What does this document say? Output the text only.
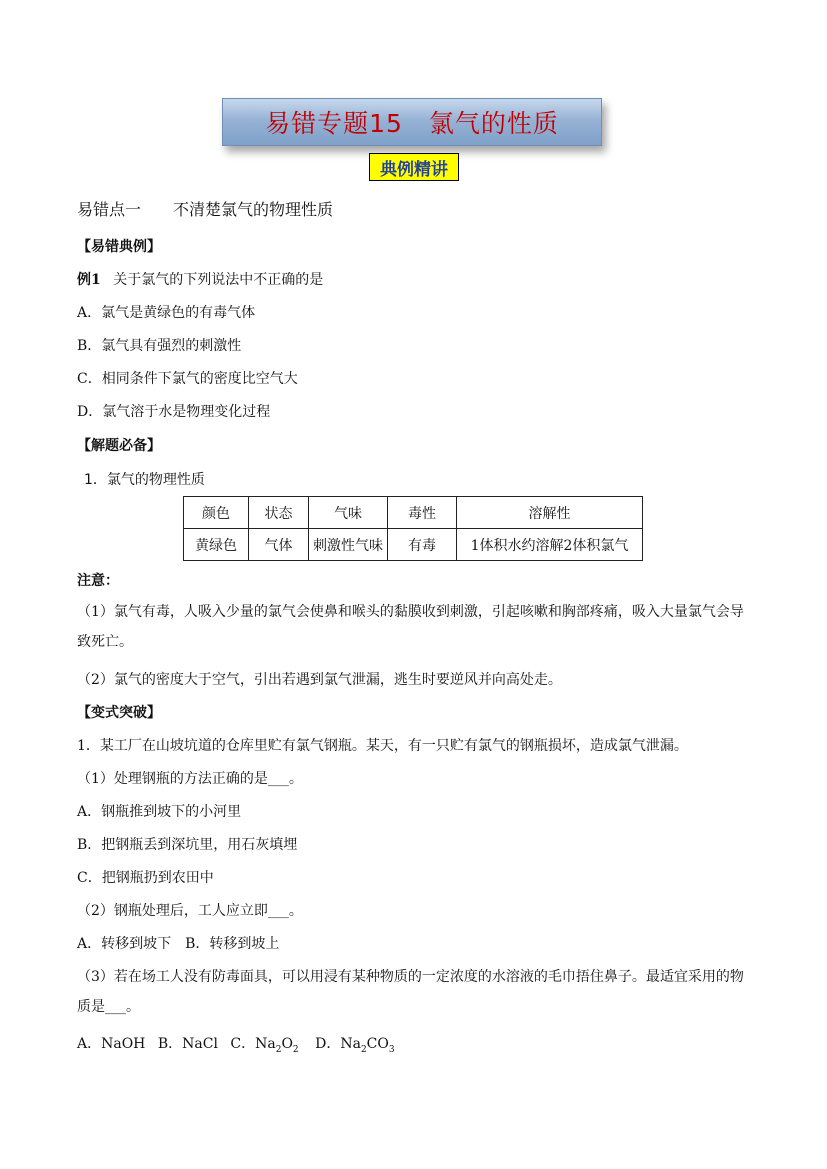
易错专题15　氯气的性质
典例精讲
易错点一　　不清楚氯气的物理性质
【易错典例】
例1 关于氯气的下列说法中不正确的是
A．氯气是黄绿色的有毒气体
B．氯气具有强烈的刺激性
C．相同条件下氯气的密度比空气大
D．氯气溶于水是物理变化过程
【解题必备】
1．氯气的物理性质
颜色	状态	气味	毒性	溶解性
黄绿色	气体	刺激性气味	有毒	1体积水约溶解2体积氯气
注意：
（1）氯气有毒，人吸入少量的氯气会使鼻和喉头的黏膜收到刺激，引起咳嗽和胸部疼痛，吸入大量氯气会导致死亡。
（2）氯气的密度大于空气，引出若遇到氯气泄漏，逃生时要逆风并向高处走。
【变式突破】
1．某工厂在山坡坑道的仓库里贮有氯气钢瓶。某天，有一只贮有氯气的钢瓶损坏，造成氯气泄漏。
（1）处理钢瓶的方法正确的是___。
A．钢瓶推到坡下的小河里
B．把钢瓶丢到深坑里，用石灰填埋
C．把钢瓶扔到农田中
（2）钢瓶处理后，工人应立即___。
A．转移到坡下　B．转移到坡上
（3）若在场工人没有防毒面具，可以用浸有某种物质的一定浓度的水溶液的毛巾捂住鼻子。最适宜采用的物质是___。
A．NaOH B．NaCl C．$Na_2O_2$ D．$Na_2CO_3$
